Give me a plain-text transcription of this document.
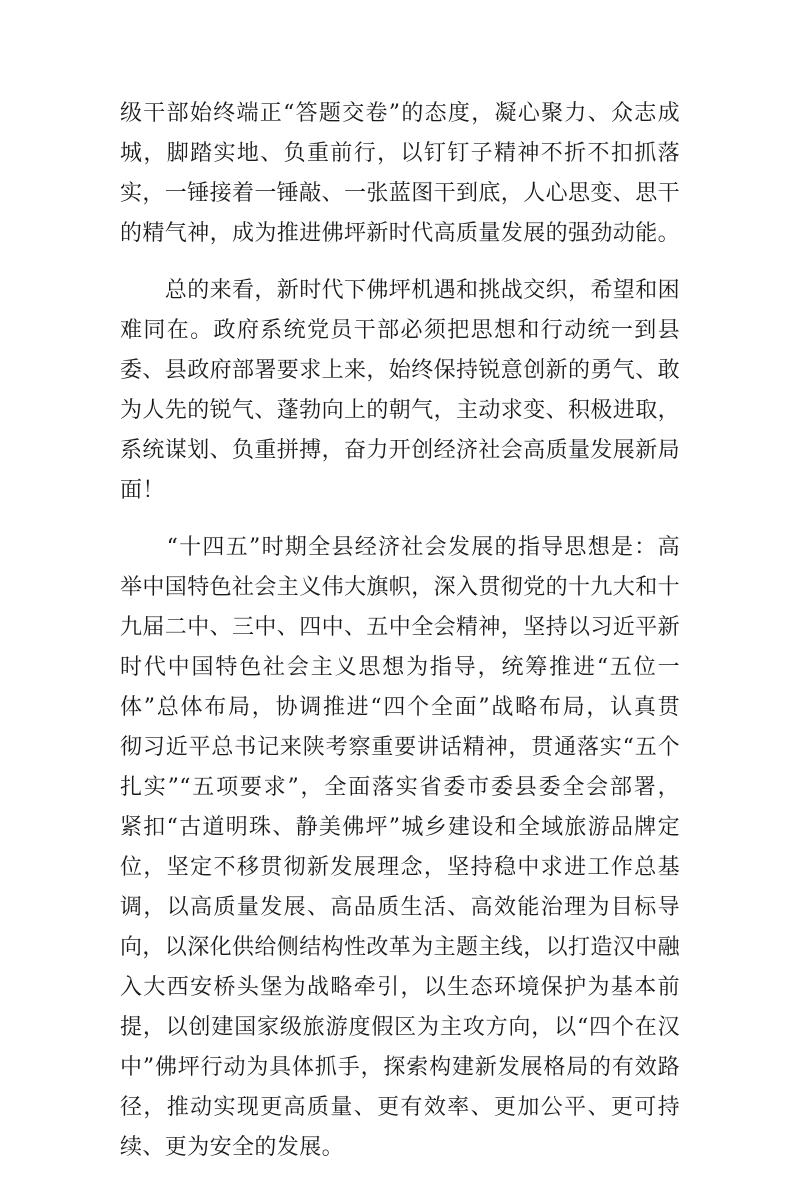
级干部始终端正“答题交卷”的态度，凝心聚力、众志成
城，脚踏实地、负重前行，以钉钉子精神不折不扣抓落
实，一锤接着一锤敲、一张蓝图干到底，人心思变、思干
的精气神，成为推进佛坪新时代高质量发展的强劲动能。
　　总的来看，新时代下佛坪机遇和挑战交织，希望和困
难同在。政府系统党员干部必须把思想和行动统一到县
委、县政府部署要求上来，始终保持锐意创新的勇气、敢
为人先的锐气、蓬勃向上的朝气，主动求变、积极进取，
系统谋划、负重拼搏，奋力开创经济社会高质量发展新局
面！
　　“十四五”时期全县经济社会发展的指导思想是：高
举中国特色社会主义伟大旗帜，深入贯彻党的十九大和十
九届二中、三中、四中、五中全会精神，坚持以习近平新
时代中国特色社会主义思想为指导，统筹推进“五位一
体”总体布局，协调推进“四个全面”战略布局，认真贯
彻习近平总书记来陕考察重要讲话精神，贯通落实“五个
扎实”“五项要求”，全面落实省委市委县委全会部署，
紧扣“古道明珠、静美佛坪”城乡建设和全域旅游品牌定
位，坚定不移贯彻新发展理念，坚持稳中求进工作总基
调，以高质量发展、高品质生活、高效能治理为目标导
向，以深化供给侧结构性改革为主题主线，以打造汉中融
入大西安桥头堡为战略牵引，以生态环境保护为基本前
提，以创建国家级旅游度假区为主攻方向，以“四个在汉
中”佛坪行动为具体抓手，探索构建新发展格局的有效路
径，推动实现更高质量、更有效率、更加公平、更可持
续、更为安全的发展。
